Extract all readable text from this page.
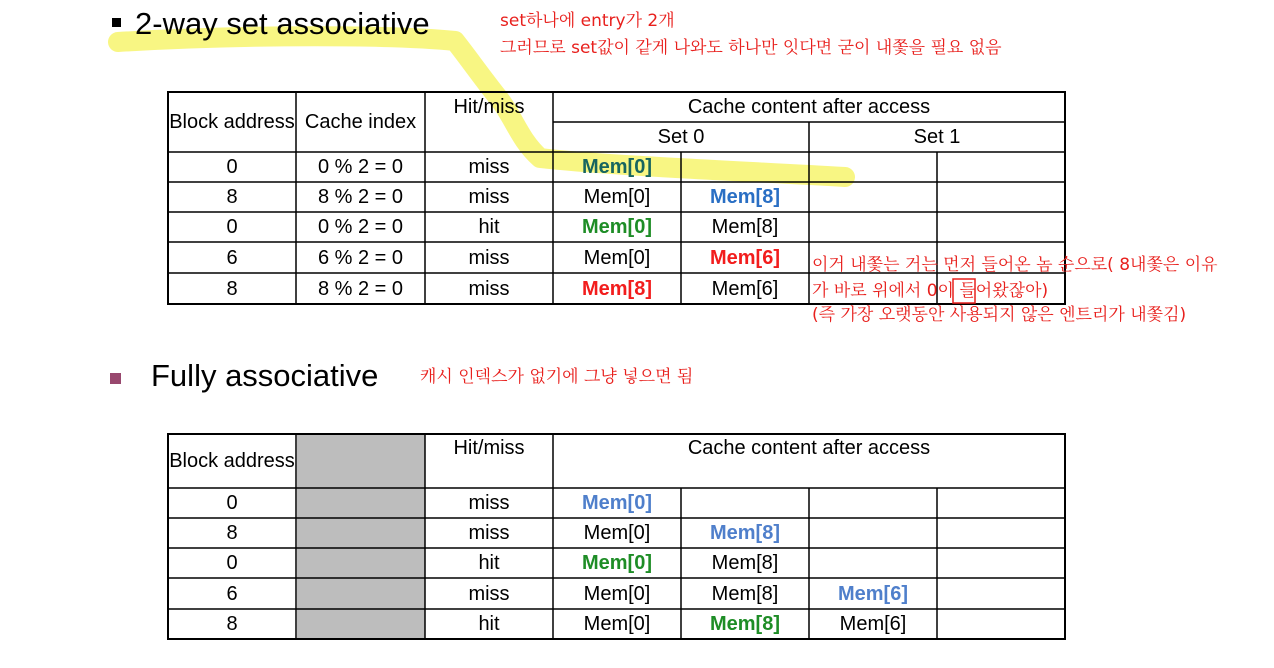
2-way set associative	set하나에 entry가 2개
그러므로 set값이 같게 나와도 하나만 잇다면 굳이 내쫓을 필요 없음
Block address Cache index
Hit/miss	Cache content after access
Set 0	Set 1
0	0 % 2 = 0	miss	Mem[0]
8	8 % 2 = 0	miss	Mem[0]	Mem[8]
0	0 % 2 = 0	hit	Mem[0]	Mem[8]
6	6 % 2 = 0	miss	Mem[0]	Mem[6]
8	8 % 2 = 0	miss	Mem[8]	Mem[6]
이거 내쫓는 거는 먼저 들어온 놈 순으로( 8내쫓은 이유
가 바로 위에서 0이 들어왔잖아)
(즉 가장 오랫동안 사용되지 않은 엔트리가 내쫓김)
Fully associative 캐시 인덱스가 없기에 그냥 넣으면 됨
Block address
Hit/miss	Cache content after access
0	miss	Mem[0]
8	miss	Mem[0]	Mem[8]
0	hit	Mem[0]	Mem[8]
6	miss	Mem[0]	Mem[8]	Mem[6]
8	hit	Mem[0]	Mem[8]	Mem[6]
